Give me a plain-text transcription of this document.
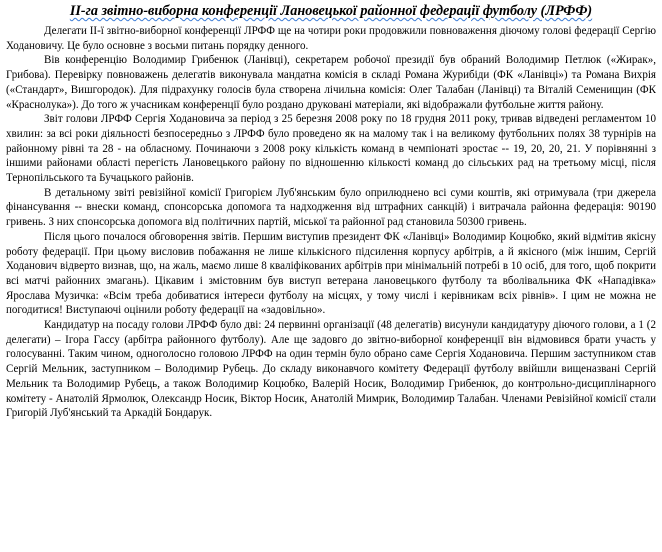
ІІ-га звітно-виборна конференції Лановецької районної федерації футболу (ЛРФФ)

Делегати ІІ-ї звітно-виборної конференції ЛРФФ ще на чотири роки продовжили повноваження діючому голові федерації Сергію Ходановичу. Це було основне з восьми питань порядку денного.

Вів конференцію Володимир Грибенюк (Ланівці), секретарем робочої президії був обраний Володимир Петлюк («Жирак», Грибова). Перевірку повноважень делегатів виконувала мандатна комісія в складі Романа Журибіди (ФК «Ланівці») та Романа Вихрія («Стандарт», Вишгородок). Для підрахунку голосів була створена лічильна комісія: Олег Талабан (Ланівці) та Віталій Семенищин (ФК «Краснолука»). До того ж учасникам конференції було роздано друковані матеріали, які відображали футбольне життя району.

Звіт голови ЛРФФ Сергія Ходановича за період з 25 березня 2008 року по 18 грудня 2011 року, тривав відведені регламентом 10 хвилин: за всі роки діяльності безпосередньо з ЛРФФ було проведено як на малому так і на великому футбольних полях 38 турнірів на районному рівні та 28 - на обласному. Починаючи з 2008 року кількість команд в чемпіонаті зростає -- 19, 20, 20, 21. У порівнянні з іншими районами області перегість Лановецького району по відношенню кількості команд до сільських рад на третьому місці, після Тернопільського та Бучацького районів.

В детальному звіті ревізійної комісії Григорієм Луб'янським було оприлюднено всі суми коштів, які отримувала (три джерела фінансування -- внески команд, спонсорська допомога та надходження від штрафних санкцій) і витрачала районна федерація: 90190 гривень. З них спонсорська допомога від політичних партій, міської та районної рад становила 50300 гривень.

Після цього почалося обговорення звітів. Першим виступив президент ФК «Ланівці» Володимир Коцюбко, який відмітив якісну роботу федерації. При цьому висловив побажання не лише кількісного підсилення корпусу арбітрів, а й якісного (між іншим, Сергій Ходанович відверто визнав, що, на жаль, маємо лише 8 кваліфікованих арбітрів при мінімальній потребі в 10 осіб, для того, щоб покрити всі матчі районних змагань). Цікавим і змістовним був виступ ветерана лановецького футболу та вболівальника ФК «Нападівка» Ярослава Музичка: «Всім треба добиватися інтереси футболу на місцях, у тому числі і керівникам всіх рівнів». І цим не можна не погодитися! Виступаючі оцінили роботу федерації на «задовільно».

Кандидатур на посаду голови ЛРФФ було дві: 24 первинні організації (48 делегатів) висунули кандидатуру діючого голови, а 1 (2 делегати) – Ігора Гассу (арбітра районного футболу). Але ще задовго до звітно-виборної конференції він відмовився брати участь у голосуванні. Таким чином, одноголосно головою ЛРФФ на один термін було обрано саме Сергія Ходановича. Першим заступником став Сергій Мельник, заступником – Володимир Рубець. До складу виконавчого комітету Федерації футболу ввійшли вищеназвані Сергій Мельник та Володимир Рубець, а також Володимир Коцюбко, Валерій Носик, Володимир Грибенюк, до контрольно-дисциплінарного комітету - Анатолій Ярмолюк, Олександр Носик, Віктор Носик, Анатолій Мимрик, Володимир Талабан. Членами Ревізійної комісії стали Григорій Луб'янський та Аркадій Бондарук.
